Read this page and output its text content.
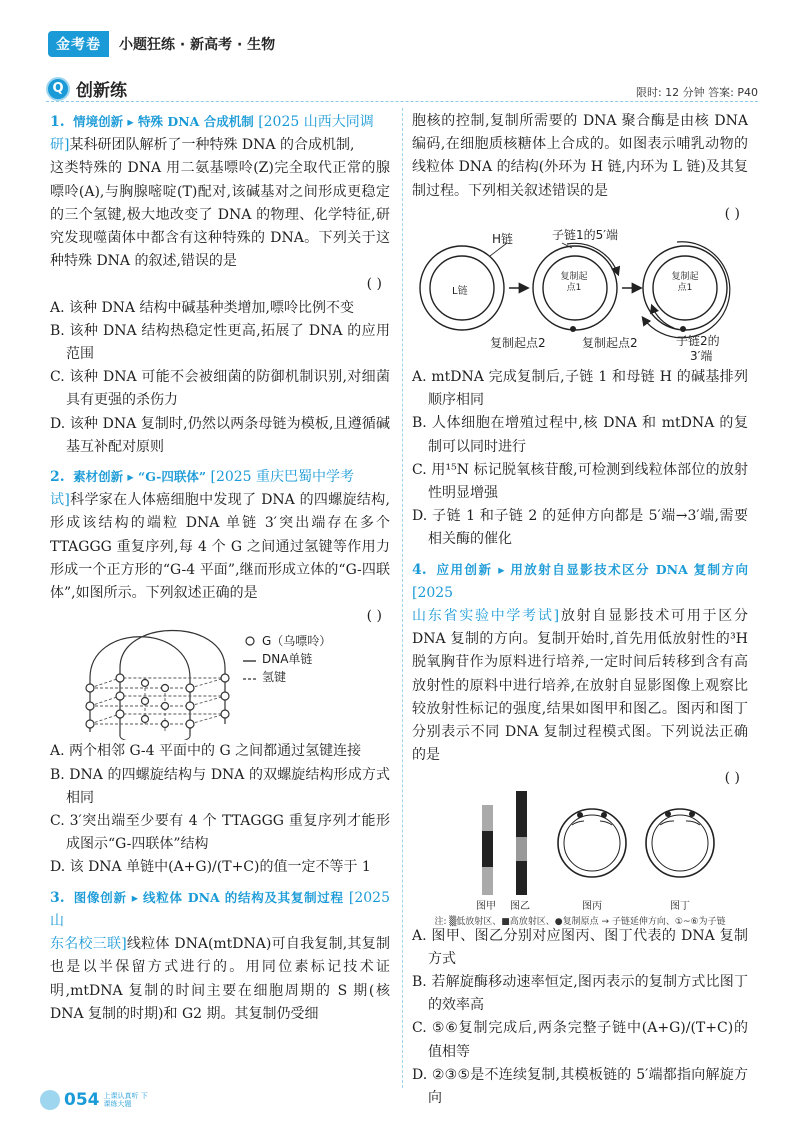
金考卷	小题狂练 · 新高考 · 生物
Q 创新练	限时: 12 分钟 答案: P40
1. 情境创新 ▸ 特殊 DNA 合成机制 [2025 山西大同调
研]某科研团队解析了一种特殊 DNA 的合成机制,
这类特殊的 DNA 用二氨基嘌呤(Z)完全取代正常的腺嘌呤(A),与胸腺嘧啶(T)配对,该碱基对之间形成更稳定的三个氢键,极大地改变了 DNA 的物理、化学特征,研究发现噬菌体中都含有这种特殊的 DNA。下列关于这种特殊 DNA 的叙述,错误的是
( )
A. 该种 DNA 结构中碱基种类增加,嘌呤比例不变
B. 该种 DNA 结构热稳定性更高,拓展了 DNA 的应用范围
C. 该种 DNA 可能不会被细菌的防御机制识别,对细菌具有更强的杀伤力
D. 该种 DNA 复制时,仍然以两条母链为模板,且遵循碱基互补配对原则
2. 素材创新 ▸ “G-四联体” [2025 重庆巴蜀中学考
试]科学家在人体癌细胞中发现了 DNA 的四螺旋结构,形成该结构的端粒 DNA 单链 3′突出端存在多个 TTAGGG 重复序列,每 4 个 G 之间通过氢键等作用力形成一个正方形的“G-4 平面”,继而形成立体的“G-四联体”,如图所示。下列叙述正确的是
( )
G（乌嘌呤）
DNA单链
氢键
A. 两个相邻 G-4 平面中的 G 之间都通过氢键连接
B. DNA 的四螺旋结构与 DNA 的双螺旋结构形成方式相同
C. 3′突出端至少要有 4 个 TTAGGG 重复序列才能形成图示“G-四联体”结构
D. 该 DNA 单链中(A+G)/(T+C)的值一定不等于 1
3. 图像创新 ▸ 线粒体 DNA 的结构及其复制过程 [2025 山
东名校三联]线粒体 DNA(mtDNA)可自我复制,其复制也是以半保留方式进行的。用同位素标记技术证明,mtDNA 复制的时间主要在细胞周期的 S 期(核 DNA 复制的时期)和 G2 期。其复制仍受细
胞核的控制,复制所需要的 DNA 聚合酶是由核 DNA 编码,在细胞质核糖体上合成的。如图表示哺乳动物的线粒体 DNA 的结构(外环为 H 链,内环为 L 链)及其复制过程。下列相关叙述错误的是
( )
H链
L链
子链1的5′端
复制起
点1
复制起
点1
复制起点2	复制起点2	子链2的
3′端
A. mtDNA 完成复制后,子链 1 和母链 H 的碱基排列顺序相同
B. 人体细胞在增殖过程中,核 DNA 和 mtDNA 的复制可以同时进行
C. 用¹⁵N 标记脱氧核苷酸,可检测到线粒体部位的放射性明显增强
D. 子链 1 和子链 2 的延伸方向都是 5′端→3′端,需要相关酶的催化
4. 应用创新 ▸ 用放射自显影技术区分 DNA 复制方向 [2025
山东省实验中学考试]放射自显影技术可用于区分 DNA 复制的方向。复制开始时,首先用低放射性的³H 脱氧胸苷作为原料进行培养,一定时间后转移到含有高放射性的原料中进行培养,在放射自显影图像上观察比较放射性标记的强度,结果如图甲和图乙。图丙和图丁分别表示不同 DNA 复制过程模式图。下列说法正确的是
( )
图甲 图乙	图丙	图丁
注: ▒低放射区、■高放射区、●复制原点 → 子链延伸方向、①~⑥为子链
A. 图甲、图乙分别对应图丙、图丁代表的 DNA 复制方式
B. 若解旋酶移动速率恒定,图丙表示的复制方式比图丁的效率高
C. ⑤⑥复制完成后,两条完整子链中(A+G)/(T+C)的值相等
D. ②③⑤是不连续复制,其模板链的 5′端都指向解旋方向
054 上课认真听 下课练大题
